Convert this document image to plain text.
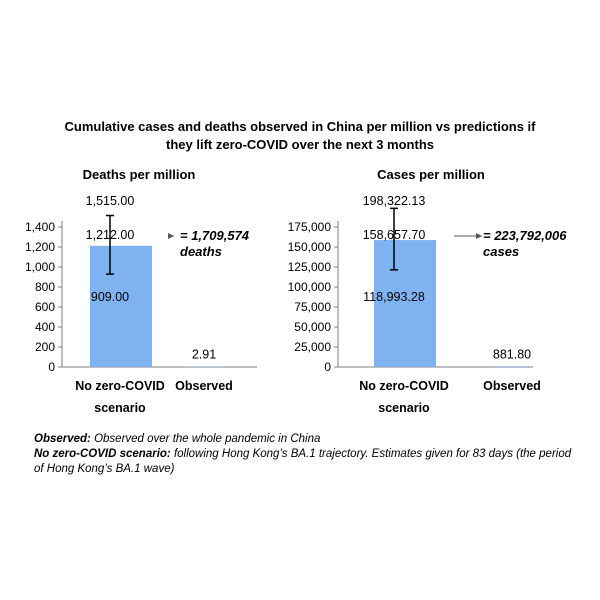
Cumulative cases and deaths observed in China per million vs predictions if
they lift zero-COVID over the next 3 months
Deaths per million	Cases per million
0
200
400
600
800
1,000
1,200
1,400
1,515.00
1,212.00
909.00
2.91
= 1,709,574
deaths
No zero-COVID
scenario
Observed
0
25,000
50,000
75,000
100,000
125,000
150,000
175,000
198,322.13
158,657.70
118,993.28
881.80
= 223,792,006
cases
No zero-COVID
scenario
Observed
Observed: Observed over the whole pandemic in China
No zero-COVID scenario: following Hong Kong’s BA.1 trajectory. Estimates given for 83 days (the period of Hong Kong’s BA.1 wave)
